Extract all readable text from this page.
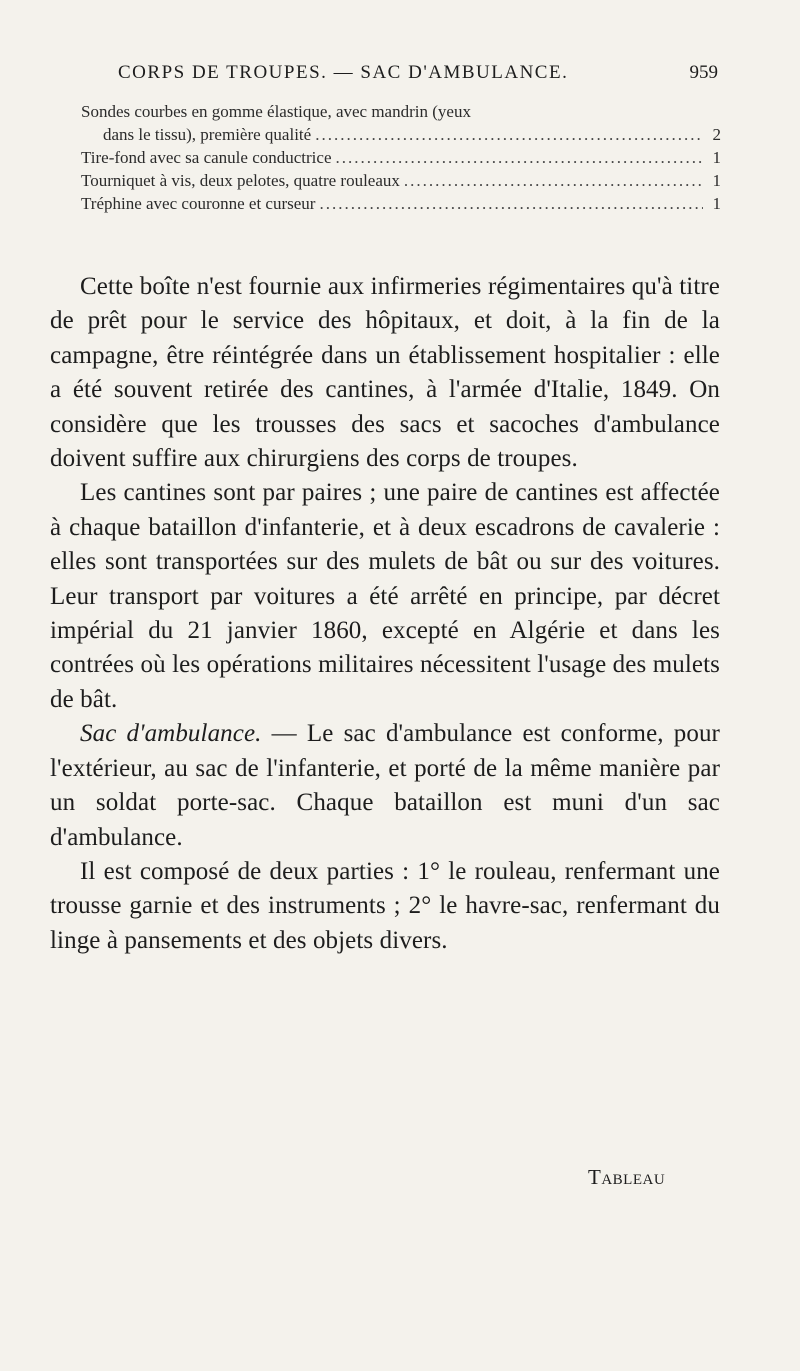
CORPS DE TROUPES. — SAC D'AMBULANCE.	959
Sondes courbes en gomme élastique, avec mandrin (yeux
dans le tissu), première qualité .....	2
Tire-fond avec sa canule conductrice .....	1
Tourniquet à vis, deux pelotes, quatre rouleaux .....	1
Tréphine avec couronne et curseur .....	1

Cette boîte n'est fournie aux infirmeries régimentaires qu'à titre de prêt pour le service des hôpitaux, et doit, à la fin de la campagne, être réintégrée dans un établissement hospitalier : elle a été souvent retirée des cantines, à l'armée d'Italie, 1849. On considère que les trousses des sacs et sacoches d'ambulance doivent suffire aux chirurgiens des corps de troupes.

Les cantines sont par paires ; une paire de cantines est affectée à chaque bataillon d'infanterie, et à deux escadrons de cavalerie : elles sont transportées sur des mulets de bât ou sur des voitures. Leur transport par voitures a été arrêté en principe, par décret impérial du 21 janvier 1860, excepté en Algérie et dans les contrées où les opérations militaires nécessitent l'usage des mulets de bât.

Sac d'ambulance. — Le sac d'ambulance est conforme, pour l'extérieur, au sac de l'infanterie, et porté de la même manière par un soldat porte-sac. Chaque bataillon est muni d'un sac d'ambulance.

Il est composé de deux parties : 1° le rouleau, renfermant une trousse garnie et des instruments ; 2° le havre-sac, renfermant du linge à pansements et des objets divers.

Tableau
